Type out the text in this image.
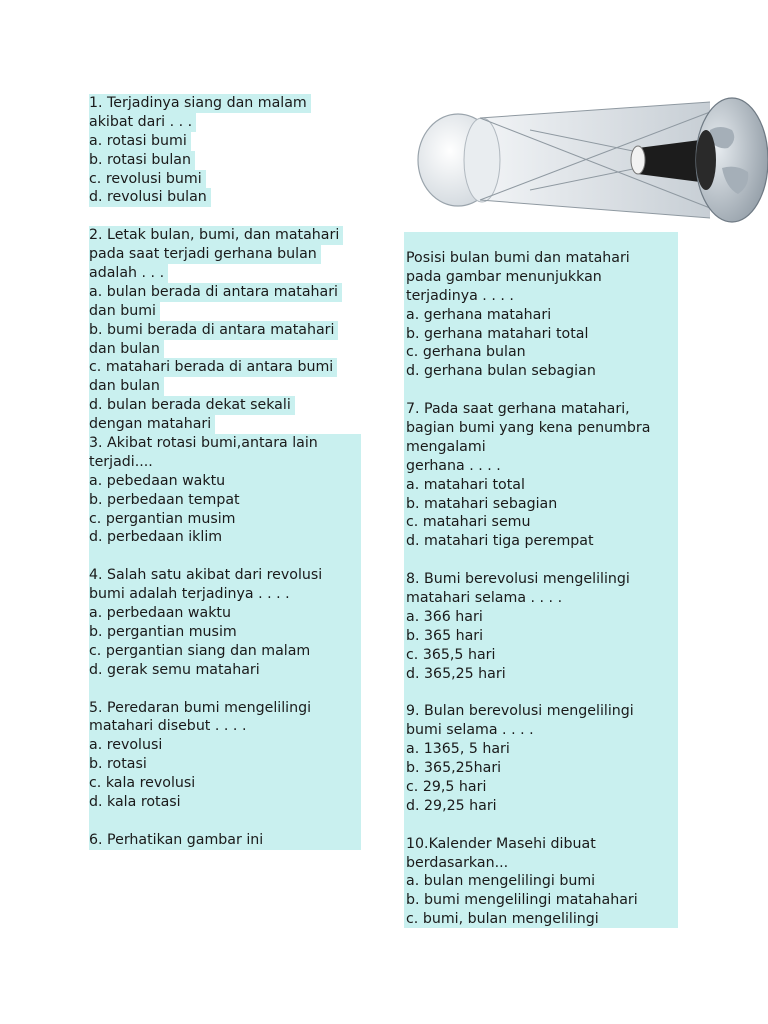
1. Terjadinya siang dan malam
akibat dari . . .
a. rotasi bumi
b. rotasi bulan
c. revolusi bumi
d. revolusi bulan
2. Letak bulan, bumi, dan matahari
pada saat terjadi gerhana bulan
adalah . . .
a. bulan berada di antara matahari
dan bumi
b. bumi berada di antara matahari
dan bulan
c. matahari berada di antara bumi
dan bulan
d. bulan berada dekat sekali
dengan matahari
3. Akibat rotasi bumi,antara lain
terjadi....
a. pebedaan waktu
b. perbedaan tempat
c. pergantian musim
d. perbedaan iklim
4. Salah satu akibat dari revolusi
bumi adalah terjadinya . . . .
a. perbedaan waktu
b. pergantian musim
c. pergantian siang dan malam
d. gerak semu matahari
5. Peredaran bumi mengelilingi
matahari disebut . . . .
a. revolusi
b. rotasi
c. kala revolusi
d. kala rotasi
6. Perhatikan gambar ini
Posisi bulan bumi dan matahari
pada gambar menunjukkan
terjadinya . . . .
a. gerhana matahari
b. gerhana matahari total
c. gerhana bulan
d. gerhana bulan sebagian
7. Pada saat gerhana matahari,
bagian bumi yang kena penumbra
mengalami
gerhana . . . .
a. matahari total
b. matahari sebagian
c. matahari semu
d. matahari tiga perempat
8. Bumi berevolusi mengelilingi
matahari selama . . . .
a. 366 hari
b. 365 hari
c. 365,5 hari
d. 365,25 hari
9. Bulan berevolusi mengelilingi
bumi selama . . . .
a. 1365, 5 hari
b. 365,25hari
c. 29,5 hari
d. 29,25 hari
10.Kalender Masehi dibuat
berdasarkan...
a. bulan mengelilingi bumi
b. bumi mengelilingi matahahari
c. bumi, bulan mengelilingi
